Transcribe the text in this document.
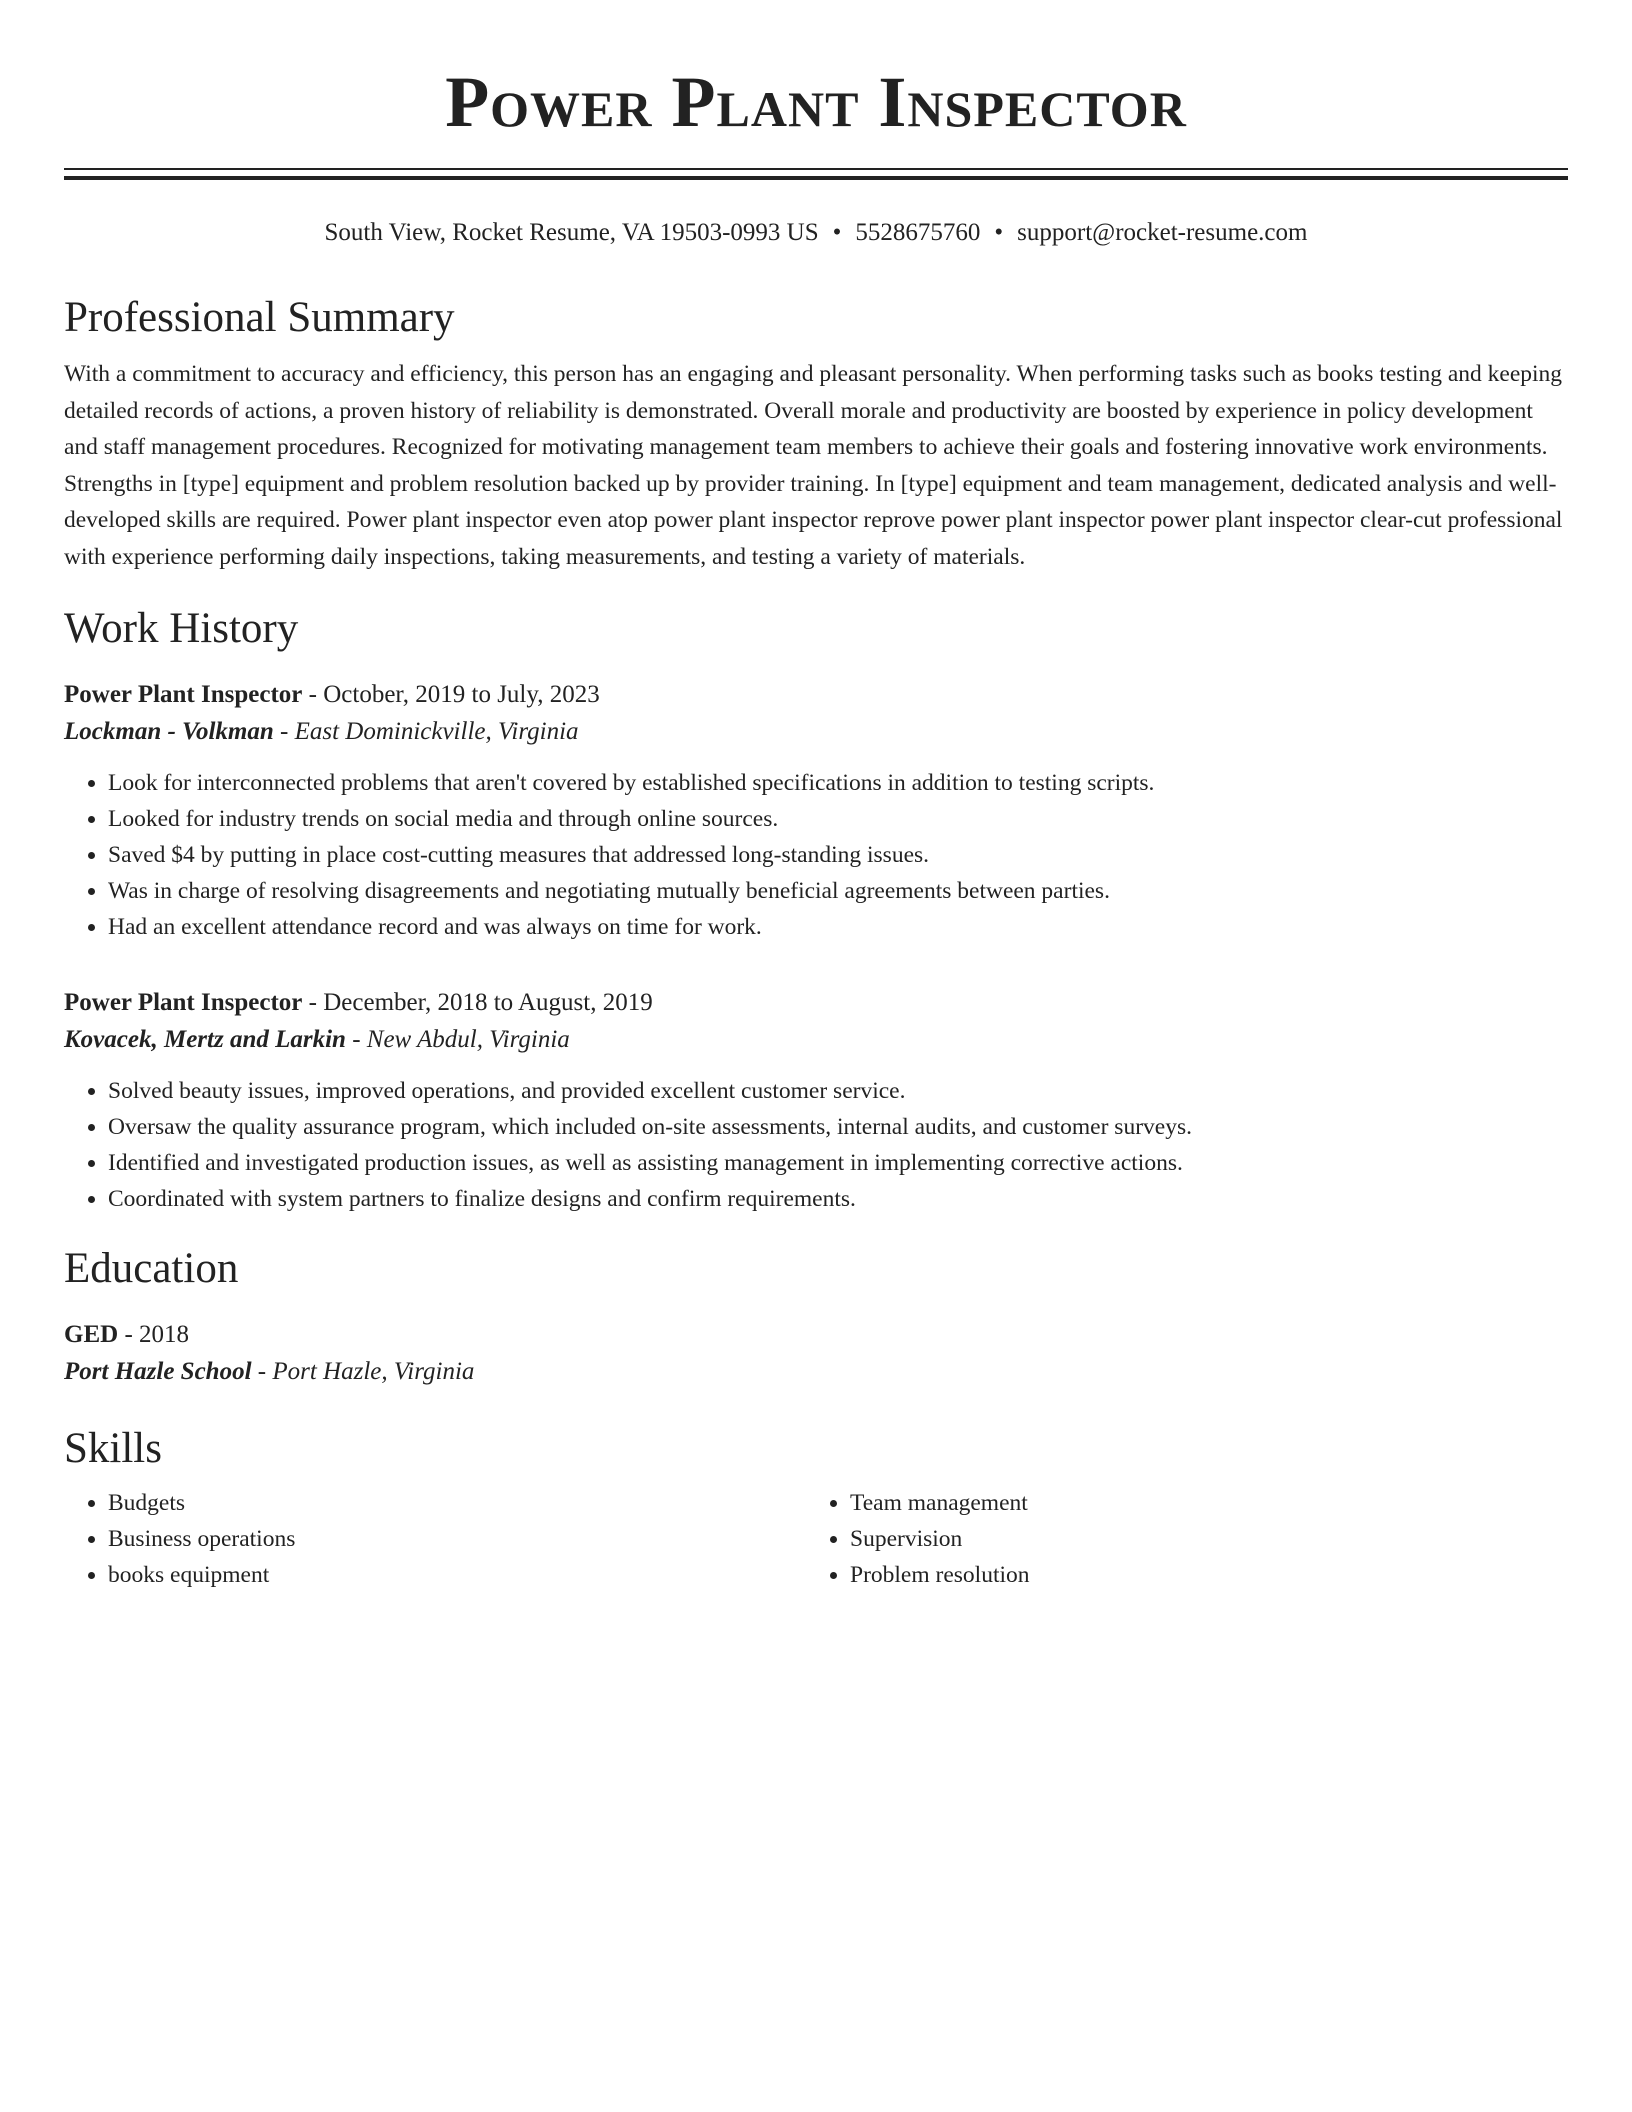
Power Plant Inspector
South View, Rocket Resume, VA 19503-0993 US • 5528675760 • support@rocket-resume.com
Professional Summary

With a commitment to accuracy and efficiency, this person has an engaging and pleasant personality. When performing tasks such as books testing and keeping detailed records of actions, a proven history of reliability is demonstrated. Overall morale and productivity are boosted by experience in policy development and staff management procedures. Recognized for motivating management team members to achieve their goals and fostering innovative work environments. Strengths in [type] equipment and problem resolution backed up by provider training. In [type] equipment and team management, dedicated analysis and well-developed skills are required. Power plant inspector even atop power plant inspector reprove power plant inspector power plant inspector clear-cut professional with experience performing daily inspections, taking measurements, and testing a variety of materials.

Work History
Power Plant Inspector - October, 2019 to July, 2023
Lockman - Volkman - East Dominickville, Virginia
• Look for interconnected problems that aren't covered by established specifications in addition to testing scripts.
• Looked for industry trends on social media and through online sources.
• Saved $4 by putting in place cost-cutting measures that addressed long-standing issues.
• Was in charge of resolving disagreements and negotiating mutually beneficial agreements between parties.
• Had an excellent attendance record and was always on time for work.
Power Plant Inspector - December, 2018 to August, 2019
Kovacek, Mertz and Larkin - New Abdul, Virginia
• Solved beauty issues, improved operations, and provided excellent customer service.
• Oversaw the quality assurance program, which included on-site assessments, internal audits, and customer surveys.
• Identified and investigated production issues, as well as assisting management in implementing corrective actions.
• Coordinated with system partners to finalize designs and confirm requirements.
Education
GED - 2018
Port Hazle School - Port Hazle, Virginia
Skills
• Budgets
• Business operations
• books equipment
• Team management
• Supervision
• Problem resolution
